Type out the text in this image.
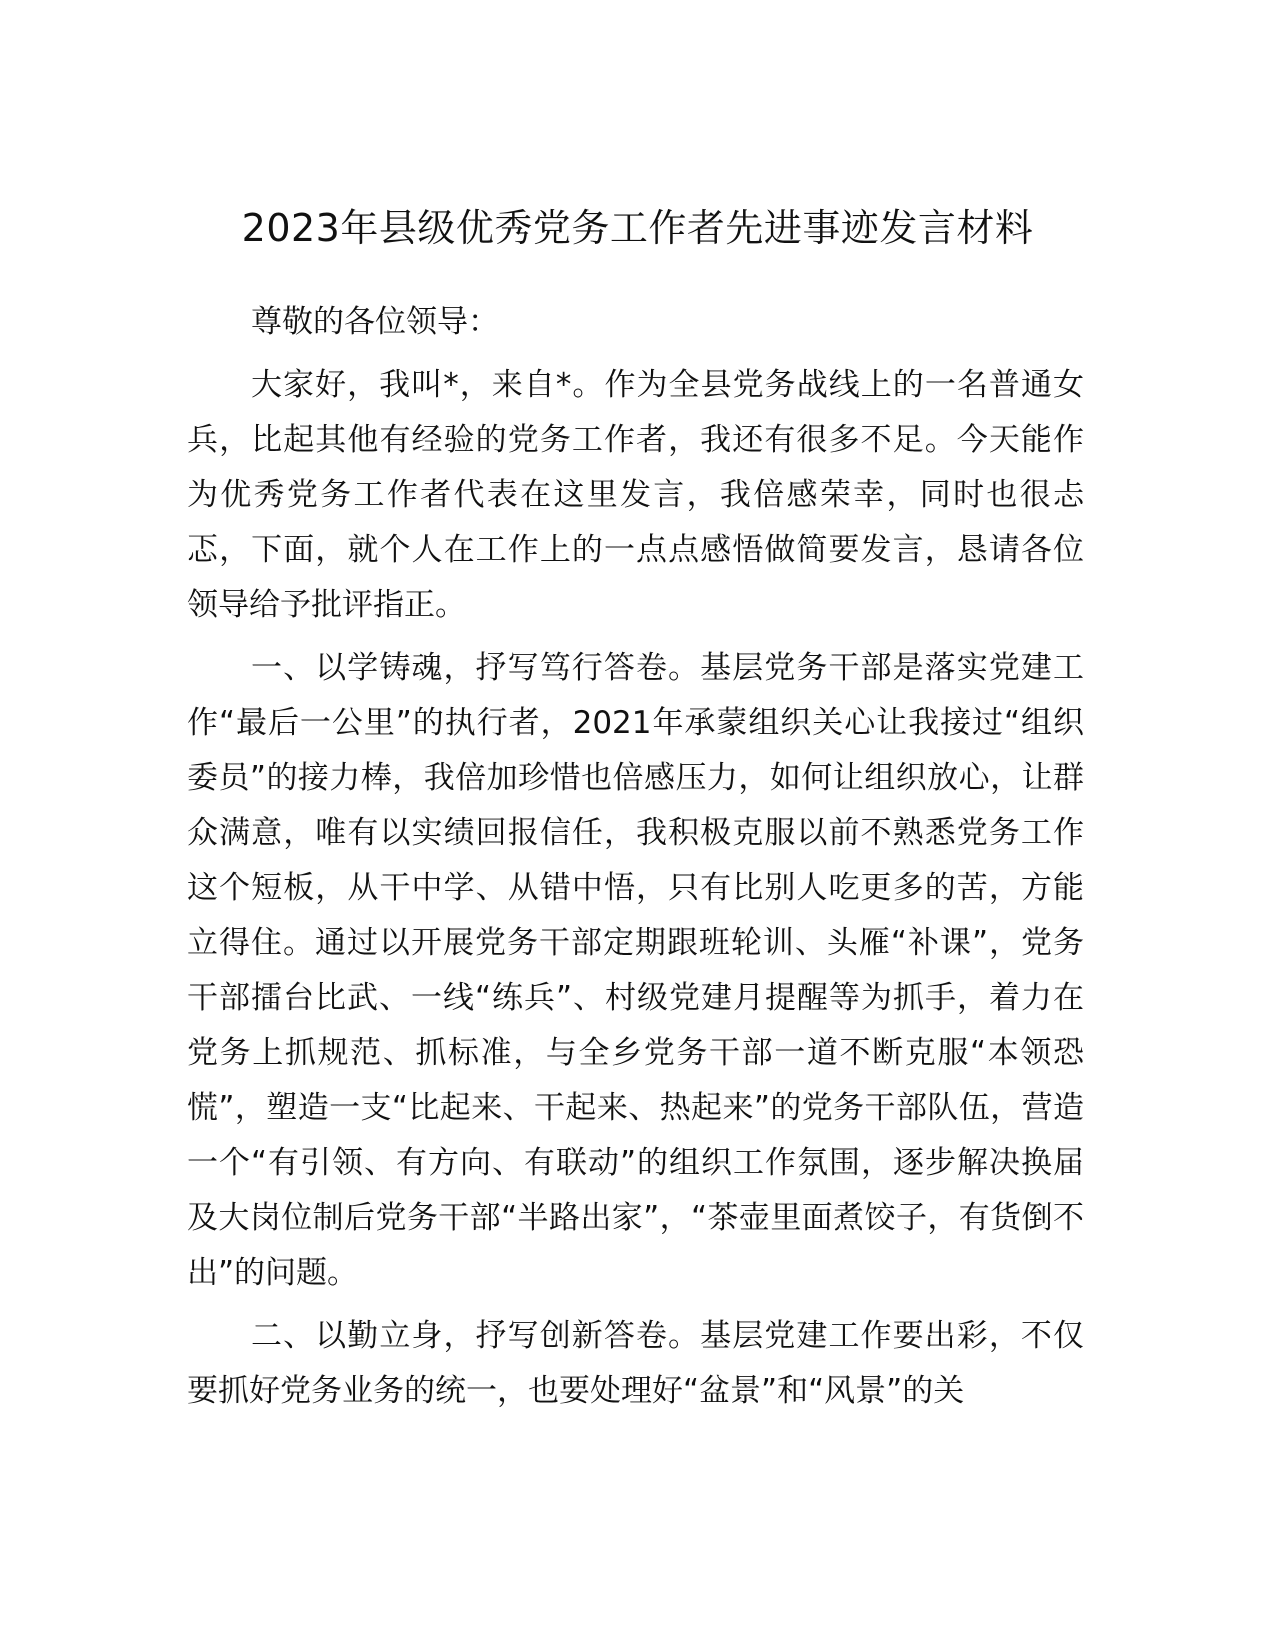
2023年县级优秀党务工作者先进事迹发言材料

尊敬的各位领导：

大家好，我叫*，来自*。作为全县党务战线上的一名普通女兵，比起其他有经验的党务工作者，我还有很多不足。今天能作为优秀党务工作者代表在这里发言，我倍感荣幸，同时也很忐忑，下面，就个人在工作上的一点点感悟做简要发言，恳请各位领导给予批评指正。

一、以学铸魂，抒写笃行答卷。基层党务干部是落实党建工作“最后一公里”的执行者，2021年承蒙组织关心让我接过“组织委员”的接力棒，我倍加珍惜也倍感压力，如何让组织放心，让群众满意，唯有以实绩回报信任，我积极克服以前不熟悉党务工作这个短板，从干中学、从错中悟，只有比别人吃更多的苦，方能立得住。通过以开展党务干部定期跟班轮训、头雁“补课”，党务干部擂台比武、一线“练兵”、村级党建月提醒等为抓手，着力在党务上抓规范、抓标准，与全乡党务干部一道不断克服“本领恐慌”，塑造一支“比起来、干起来、热起来”的党务干部队伍，营造一个“有引领、有方向、有联动”的组织工作氛围，逐步解决换届及大岗位制后党务干部“半路出家”，“茶壶里面煮饺子，有货倒不出”的问题。

二、以勤立身，抒写创新答卷。基层党建工作要出彩，不仅要抓好党务业务的统一，也要处理好“盆景”和“风景”的关
